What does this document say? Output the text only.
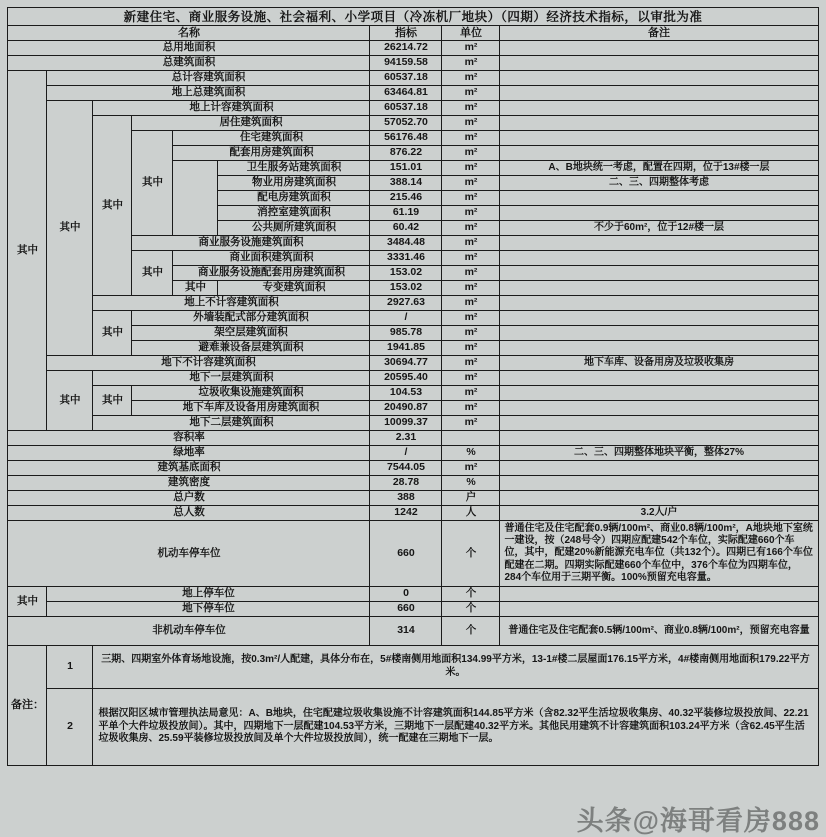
新建住宅、商业服务设施、社会福利、小学项目（冷冻机厂地块）（四期）经济技术指标，以审批为准								
名称						指标	单位	备注
总用地面积						26214.72	m²	
总建筑面积						94159.58	m²	
其中	总计容建筑面积					60537.18	m²	
	地上总建筑面积					63464.81	m²	
	其中	地上计容建筑面积				60537.18	m²	
		其中	居住建筑面积			57052.70	m²	
			其中	住宅建筑面积		56176.48	m²	
				配套用房建筑面积		876.22	m²	
					卫生服务站建筑面积	151.01	m²	A、B地块统一考虑，配置在四期，位于13#楼一层
					物业用房建筑面积	388.14	m²	二、三、四期整体考虑
					配电房建筑面积	215.46	m²	
					消控室建筑面积	61.19	m²	
					公共厕所建筑面积	60.42	m²	不少于60m²，位于12#楼一层
			商业服务设施建筑面积			3484.48	m²	
			其中	商业面积建筑面积		3331.46	m²	
				商业服务设施配套用房建筑面积		153.02	m²	
				其中	专变建筑面积	153.02	m²	
		地上不计容建筑面积				2927.63	m²	
		其中	外墙装配式部分建筑面积			/	m²	
			架空层建筑面积			985.78	m²	
			避难兼设备层建筑面积			1941.85	m²	
	地下不计容建筑面积					30694.77	m²	地下车库、设备用房及垃圾收集房
	其中	地下一层建筑面积				20595.40	m²	
		其中	垃圾收集设施建筑面积			104.53	m²	
			地下车库及设备用房建筑面积			20490.87	m²	
		地下二层建筑面积				10099.37	m²	
容积率						2.31		
绿地率						/	%	二、三、四期整体地块平衡，整体27%
建筑基底面积						7544.05	m²	
建筑密度						28.78	%	
总户数						388	户	
总人数						1242	人	3.2人/户
机动车停车位						660	个	普通住宅及住宅配套0.9辆/100m²、商业0.8辆/100m²，A地块地下室统一建设，按（248号令）四期应配建542个车位，实际配建660个车位，其中，配建20%新能源充电车位（共132个）。四期已有166个车位配建在二期。四期实际配建660个车位中，376个车位为四期车位，284个车位用于三期平衡。100%预留充电容量。
其中	地上停车位					0	个	
	地下停车位					660	个	
非机动车停车位						314	个	普通住宅及住宅配套0.5辆/100m²、商业0.8辆/100m²，预留充电容量
备注：	1	三期、四期室外体育场地设施，按0.3m²/人配建，具体分布在，5#楼南侧用地面积134.99平方米，13-1#楼二层屋面176.15平方米，4#楼南侧用地面积179.22平方米。						
	2	根据汉阳区城市管理执法局意见：A、B地块，住宅配建垃圾收集设施不计容建筑面积144.85平方米（含82.32平生活垃圾收集房、40.32平装修垃圾投放间、22.21平单个大件垃圾投放间）。其中，四期地下一层配建104.53平方米，三期地下一层配建40.32平方米。其他民用建筑不计容建筑面积103.24平方米（含62.45平生活垃圾收集房、25.59平装修垃圾投放间及单个大件垃圾投放间），统一配建在三期地下一层。						
头条@海哥看房888
